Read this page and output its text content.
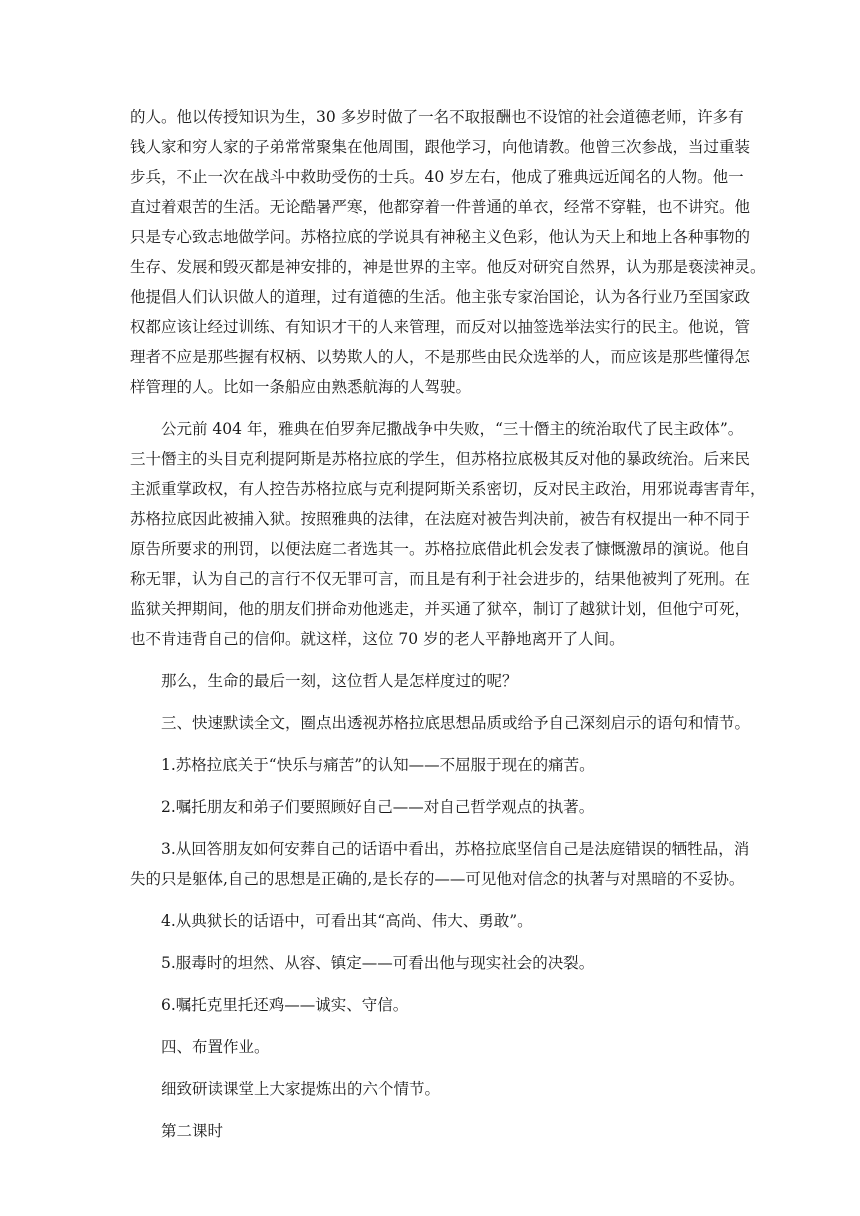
的人。他以传授知识为生，30 多岁时做了一名不取报酬也不设馆的社会道德老师，许多有
钱人家和穷人家的子弟常常聚集在他周围，跟他学习，向他请教。他曾三次参战，当过重装
步兵，不止一次在战斗中救助受伤的士兵。40 岁左右，他成了雅典远近闻名的人物。他一
直过着艰苦的生活。无论酷暑严寒，他都穿着一件普通的单衣，经常不穿鞋，也不讲究。他
只是专心致志地做学问。苏格拉底的学说具有神秘主义色彩，他认为天上和地上各种事物的
生存、发展和毁灭都是神安排的，神是世界的主宰。他反对研究自然界，认为那是亵渎神灵。
他提倡人们认识做人的道理，过有道德的生活。他主张专家治国论，认为各行业乃至国家政
权都应该让经过训练、有知识才干的人来管理，而反对以抽签选举法实行的民主。他说，管
理者不应是那些握有权柄、以势欺人的人，不是那些由民众选举的人，而应该是那些懂得怎
样管理的人。比如一条船应由熟悉航海的人驾驶。
公元前 404 年，雅典在伯罗奔尼撒战争中失败，“三十僭主的统治取代了民主政体”。
三十僭主的头目克利提阿斯是苏格拉底的学生，但苏格拉底极其反对他的暴政统治。后来民
主派重掌政权，有人控告苏格拉底与克利提阿斯关系密切，反对民主政治，用邪说毒害青年，
苏格拉底因此被捕入狱。按照雅典的法律，在法庭对被告判决前，被告有权提出一种不同于
原告所要求的刑罚，以便法庭二者选其一。苏格拉底借此机会发表了慷慨激昂的演说。他自
称无罪，认为自己的言行不仅无罪可言，而且是有利于社会进步的，结果他被判了死刑。在
监狱关押期间，他的朋友们拼命劝他逃走，并买通了狱卒，制订了越狱计划，但他宁可死，
也不肯违背自己的信仰。就这样，这位 70 岁的老人平静地离开了人间。
那么，生命的最后一刻，这位哲人是怎样度过的呢？
三、快速默读全文，圈点出透视苏格拉底思想品质或给予自己深刻启示的语句和情节。
1.苏格拉底关于“快乐与痛苦”的认知——不屈服于现在的痛苦。
2.嘱托朋友和弟子们要照顾好自己——对自己哲学观点的执著。
3.从回答朋友如何安葬自己的话语中看出，苏格拉底坚信自己是法庭错误的牺牲品，消
失的只是躯体,自己的思想是正确的,是长存的——可见他对信念的执著与对黑暗的不妥协。
4.从典狱长的话语中，可看出其“高尚、伟大、勇敢”。
5.服毒时的坦然、从容、镇定——可看出他与现实社会的决裂。
6.嘱托克里托还鸡——诚实、守信。
四、布置作业。
细致研读课堂上大家提炼出的六个情节。
第二课时
